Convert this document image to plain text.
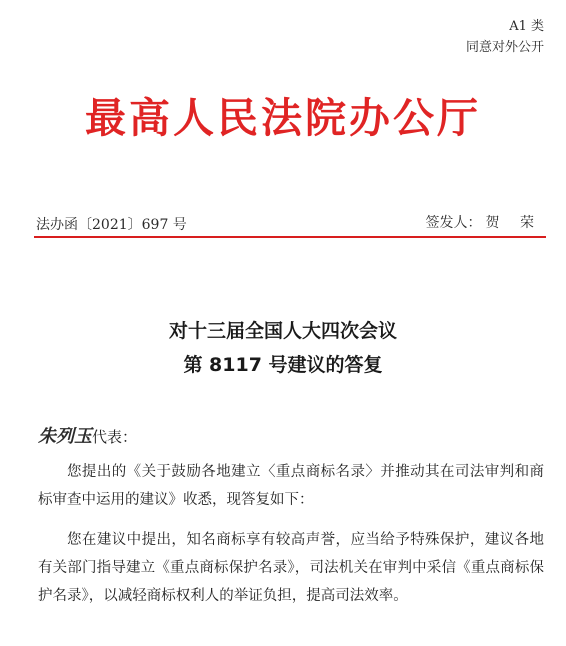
A1 类
同意对外公开
最高人民法院办公厅
法办函〔2021〕697 号	签发人： 贺 荣
对十三届全国人大四次会议
第 8117 号建议的答复
朱列玉代表：

您提出的《关于鼓励各地建立〈重点商标名录〉并推动其在司法审判和商标审查中运用的建议》收悉，现答复如下：

您在建议中提出，知名商标享有较高声誉，应当给予特殊保护，建议各地有关部门指导建立《重点商标保护名录》，司法机关在审判中采信《重点商标保护名录》，以减轻商标权利人的举证负担，提高司法效率。
